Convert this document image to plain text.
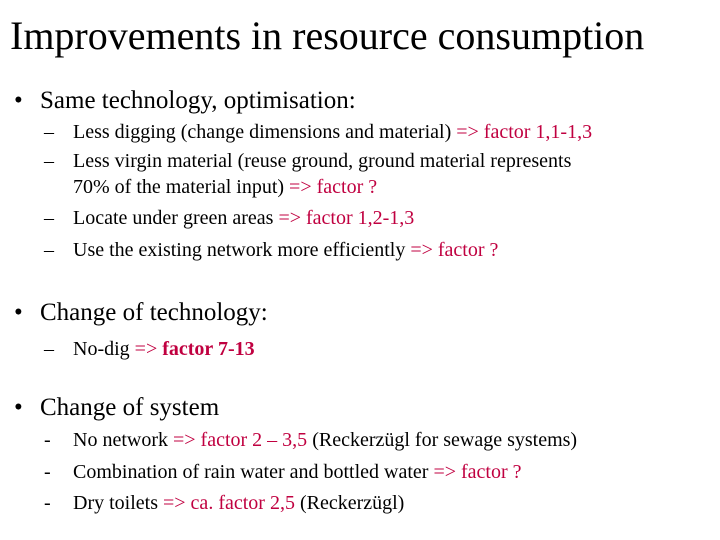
Improvements in resource consumption
• Same technology, optimisation:
– Less digging (change dimensions and material) => factor 1,1-1,3
– Less virgin material (reuse ground, ground material represents
70% of the material input) => factor ?
– Locate under green areas => factor 1,2-1,3
– Use the existing network more efficiently => factor ?
• Change of technology:
– No-dig => factor 7-13
• Change of system
- No network => factor 2 – 3,5 (Reckerzügl for sewage systems)
- Combination of rain water and bottled water => factor ?
- Dry toilets => ca. factor 2,5 (Reckerzügl)
